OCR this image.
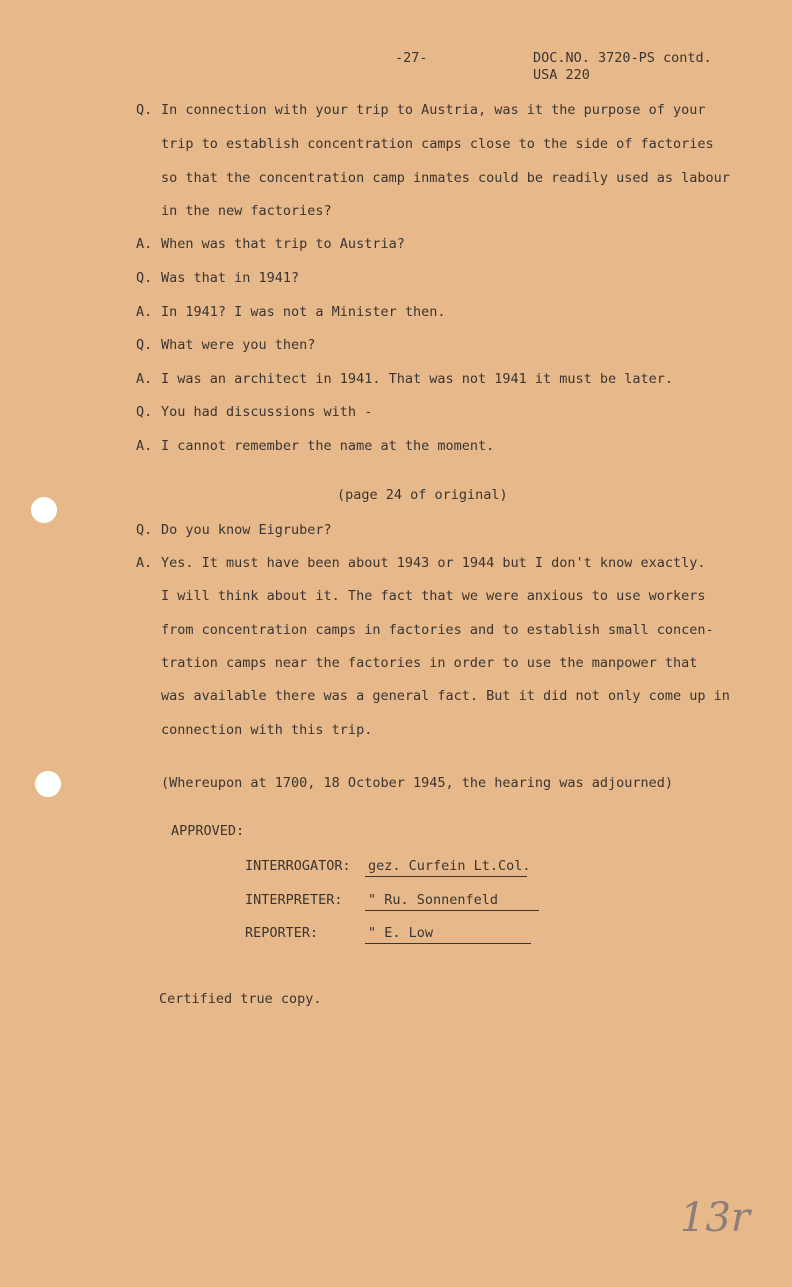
-27-	DOC.NO. 3720-PS contd.
USA 220
Q. In connection with your trip to Austria, was it the purpose of your
trip to establish concentration camps close to the side of factories
so that the concentration camp inmates could be readily used as labour
in the new factories?
A. When was that trip to Austria?
Q. Was that in 1941?
A. In 1941? I was not a Minister then.
Q. What were you then?
A. I was an architect in 1941. That was not 1941 it must be later.
Q. You had discussions with -
A. I cannot remember the name at the moment.
(page 24 of original)
Q. Do you know Eigruber?
A. Yes. It must have been about 1943 or 1944 but I don't know exactly.
I will think about it. The fact that we were anxious to use workers
from concentration camps in factories and to establish small concen-
tration camps near the factories in order to use the manpower that
was available there was a general fact. But it did not only come up in
connection with this trip.
(Whereupon at 1700, 18 October 1945, the hearing was adjourned)
APPROVED:
INTERROGATOR: gez. Curfein Lt.Col.
INTERPRETER: " Ru. Sonnenfeld
REPORTER:	" E. Low
Certified true copy.
13r
